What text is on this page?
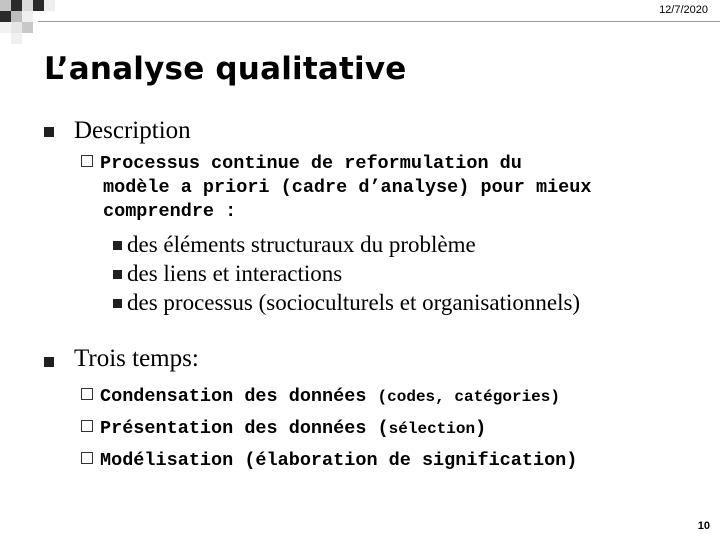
12/7/2020
L’analyse qualitative
Description
Processus continue de reformulation du
modèle a priori (cadre d’analyse) pour mieux
comprendre :
des éléments structuraux du problème
des liens et interactions
des processus (socioculturels et organisationnels)
Trois temps:
Condensation des données (codes, catégories)
Présentation des données (sélection)
Modélisation (élaboration de signification)
10
